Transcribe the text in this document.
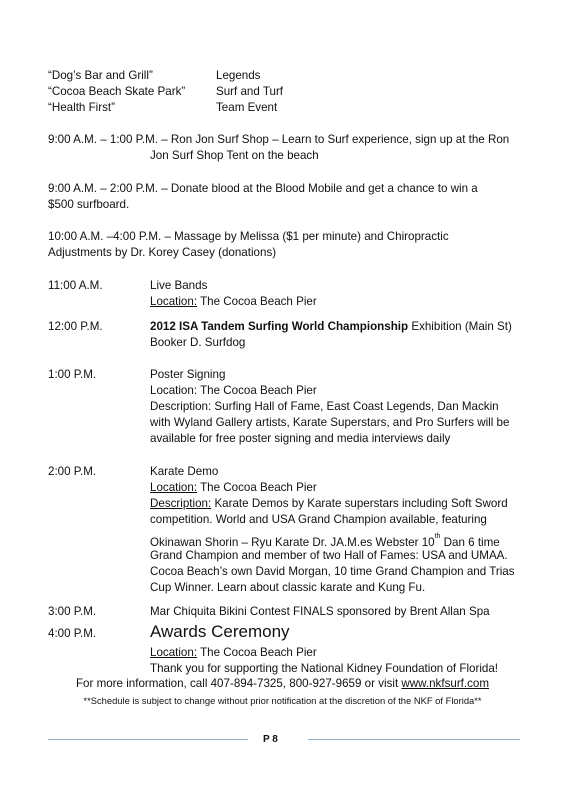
“Dog’s Bar and Grill”	Legends
“Cocoa Beach Skate Park”	Surf and Turf
“Health First”	Team Event
9:00 A.M. – 1:00 P.M. – Ron Jon Surf Shop – Learn to Surf experience, sign up at the Ron
Jon Surf Shop Tent on the beach
9:00 A.M. – 2:00 P.M. – Donate blood at the Blood Mobile and get a chance to win a
$500 surfboard.
10:00 A.M. –4:00 P.M. – Massage by Melissa ($1 per minute) and Chiropractic
Adjustments by Dr. Korey Casey (donations)
11:00 A.M.	Live Bands
Location: The Cocoa Beach Pier
12:00 P.M.	2012 ISA Tandem Surfing World Championship Exhibition (Main St)
Booker D. Surfdog
1:00 P.M.	Poster Signing
Location: The Cocoa Beach Pier
Description: Surfing Hall of Fame, East Coast Legends, Dan Mackin
with Wyland Gallery artists, Karate Superstars, and Pro Surfers will be
available for free poster signing and media interviews daily
2:00 P.M.	Karate Demo
Location: The Cocoa Beach Pier
Description: Karate Demos by Karate superstars including Soft Sword
competition. World and USA Grand Champion available, featuring
Okinawan Shorin – Ryu Karate Dr. JA.M.es Webster 10th Dan 6 time
Grand Champion and member of two Hall of Fames: USA and UMAA.
Cocoa Beach’s own David Morgan, 10 time Grand Champion and Trias
Cup Winner. Learn about classic karate and Kung Fu.
3:00 P.M.	Mar Chiquita Bikini Contest FINALS sponsored by Brent Allan Spa
4:00 P.M.	Awards Ceremony
Location: The Cocoa Beach Pier
Thank you for supporting the National Kidney Foundation of Florida!
For more information, call 407-894-7325, 800-927-9659 or visit www.nkfsurf.com
**Schedule is subject to change without prior notification at the discretion of the NKF of Florida**
P 8
